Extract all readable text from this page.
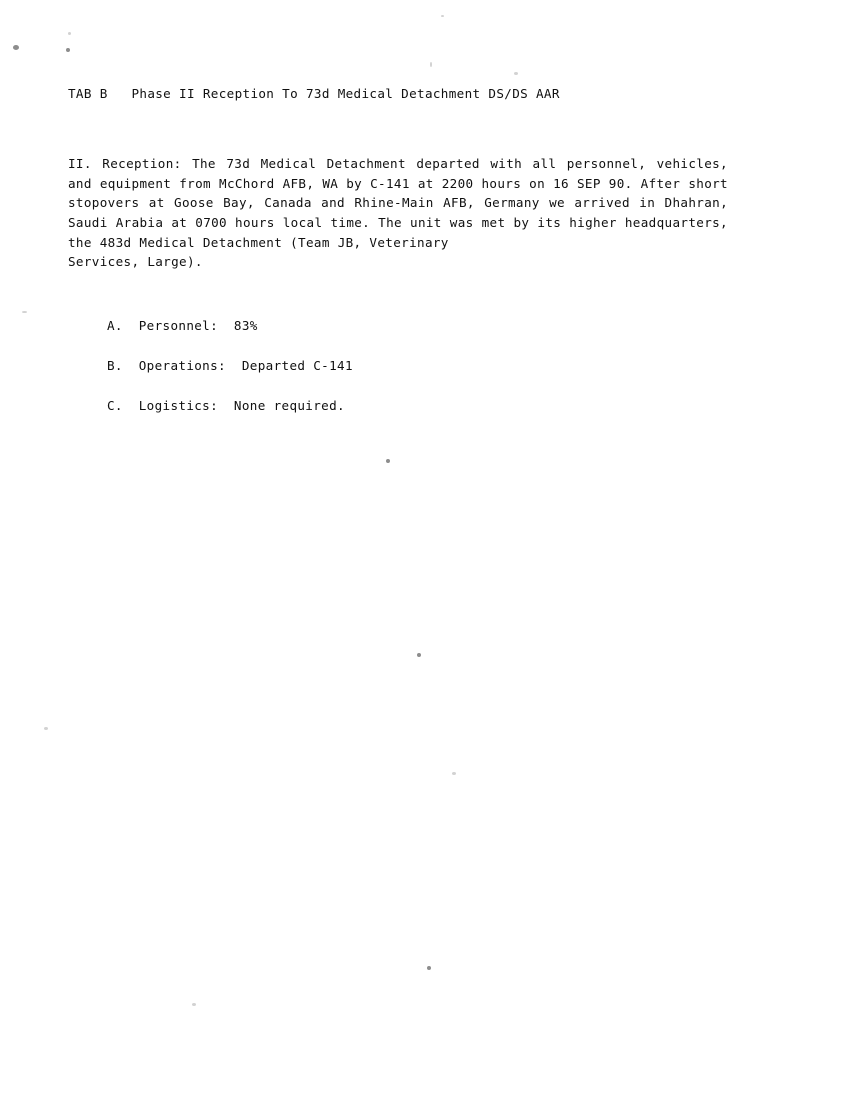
TAB B   Phase II Reception To 73d Medical Detachment DS/DS AAR

II. Reception: The 73d Medical Detachment departed with all personnel, vehicles, and equipment from McChord AFB, WA by C-141 at 2200 hours on 16 SEP 90. After short stopovers at Goose Bay, Canada and Rhine-Main AFB, Germany we arrived in Dhahran, Saudi Arabia at 0700 hours local time. The unit was met by its higher headquarters, the 483d Medical Detachment (Team JB, Veterinary

Services, Large).

A.  Personnel:  83%
B.  Operations:  Departed C-141
C.  Logistics:  None required.
